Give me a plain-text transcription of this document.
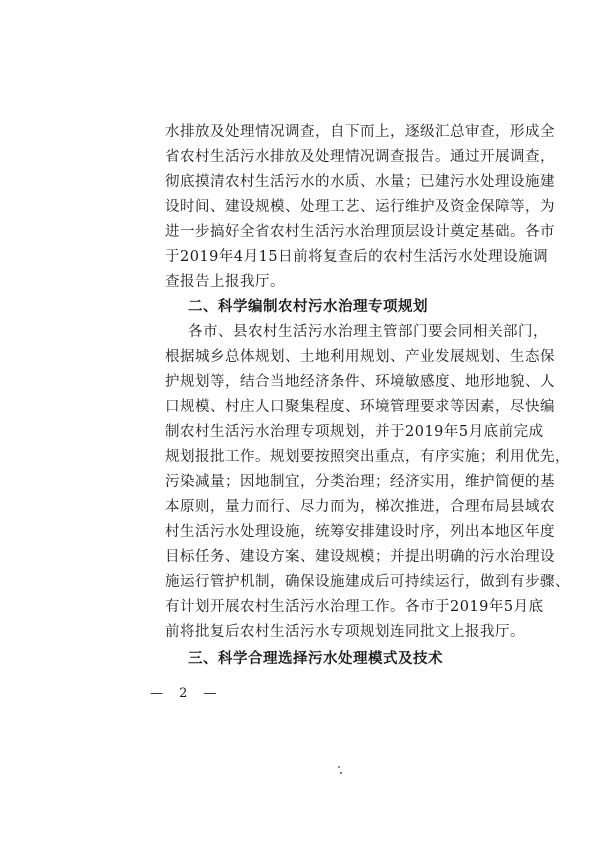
水排放及处理情况调查，自下而上，逐级汇总审查，形成全
省农村生活污水排放及处理情况调查报告。通过开展调查，
彻底摸清农村生活污水的水质、水量；已建污水处理设施建
设时间、建设规模、处理工艺、运行维护及资金保障等，为
进一步搞好全省农村生活污水治理顶层设计奠定基础。各市
于2019年4月15日前将复查后的农村生活污水处理设施调
查报告上报我厅。
二、科学编制农村污水治理专项规划
各市、县农村生活污水治理主管部门要会同相关部门，
根据城乡总体规划、土地利用规划、产业发展规划、生态保
护规划等，结合当地经济条件、环境敏感度、地形地貌、人
口规模、村庄人口聚集程度、环境管理要求等因素，尽快编
制农村生活污水治理专项规划，并于2019年5月底前完成
规划报批工作。规划要按照突出重点，有序实施；利用优先，
污染减量；因地制宜，分类治理；经济实用，维护简便的基
本原则，量力而行、尽力而为，梯次推进，合理布局县域农
村生活污水处理设施，统筹安排建设时序，列出本地区年度
目标任务、建设方案、建设规模；并提出明确的污水治理设
施运行管护机制，确保设施建成后可持续运行，做到有步骤、
有计划开展农村生活污水治理工作。各市于2019年5月底
前将批复后农村生活污水专项规划连同批文上报我厅。
三、科学合理选择污水处理模式及技术
— 2 —
